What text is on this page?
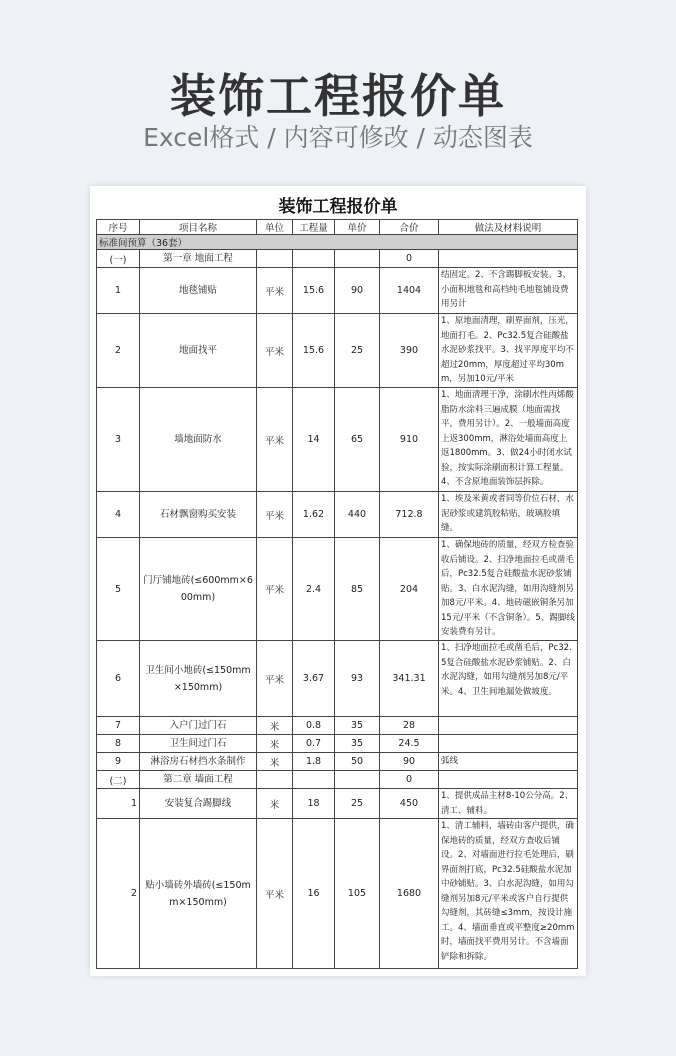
装饰工程报价单
Excel格式 / 内容可修改 / 动态图表
装饰工程报价单
序号	项目名称	单位	工程量	单价	合价	做法及材料说明
标准间预算（36套）						
(一)	第一章 地面工程				0	
1	地毯铺贴	平米	15.6	90	1404	结固定。2、不含踢脚板安装。3、小面积地毯和高档纯毛地毯铺设费用另计
2	地面找平	平米	15.6	25	390	1、原地面清理，刷界面剂，压光，地面打毛。2、Pc32.5复合硅酸盐水泥砂浆找平。3、找平厚度平均不超过20mm，厚度超过平均30mm，另加10元/平米
3	墙地面防水	平米	14	65	910	1、地面清理干净，涂刷水性丙烯酸脂防水涂料三遍成膜（地面需找平，费用另计）。2、一般墙面高度上返300mm，淋浴处墙面高度上返1800mm。3、做24小时闭水试验，按实际涂刷面积计算工程量。4、不含原地面装饰层拆除。
4	石材飘窗购买安装	平米	1.62	440	712.8	1、埃及米黄或者同等价位石材，水泥砂浆或建筑胶粘贴，玻璃胶填缝。
5	门厅铺地砖(≤600mm×600mm)	平米	2.4	85	204	1、确保地砖的质量，经双方检查验收后铺设。2、扫净地面拉毛或凿毛后，Pc32.5复合硅酸盐水泥砂浆铺贴。3、白水泥沟缝，如用沟缝剂另加8元/平米。4、地砖磁嵌铜条另加15元/平米（不含铜条）。5、踢脚线安装费有另计。
6	卫生间小地砖(≤150mm×150mm)	平米	3.67	93	341.31	1、扫净地面拉毛或凿毛后，Pc32.5复合硅酸盐水泥砂浆铺贴。2、白水泥沟缝，如用勾缝剂另加8元/平米。4、卫生间地漏处做坡度。
7	入户门过门石	米	0.8	35	28	
8	卫生间过门石	米	0.7	35	24.5	
9	淋浴房石材挡水条制作	米	1.8	50	90	弧线
(二)	第二章 墙面工程				0	
1	安装复合踢脚线	米	18	25	450	1、提供成品主材8-10公分高。2、清工、辅料。
2	贴小墙砖外墙砖(≤150mm×150mm)	平米	16	105	1680	1、清工辅料，墙砖由客户提供，确保地砖的质量，经双方查收后铺设。2、对墙面进行拉毛处理后，刷界面剂打底，Pc32.5硅酸盐水泥加中砂铺贴。3、白水泥沟缝，如用勾缝剂另加8元/平米或客户自行提供勾缝剂，其砖缝≤3mm，按设计施工。4、墙面垂直或平整度≥20mm时，墙面找平费用另计。不含墙面铲除和拆除。
